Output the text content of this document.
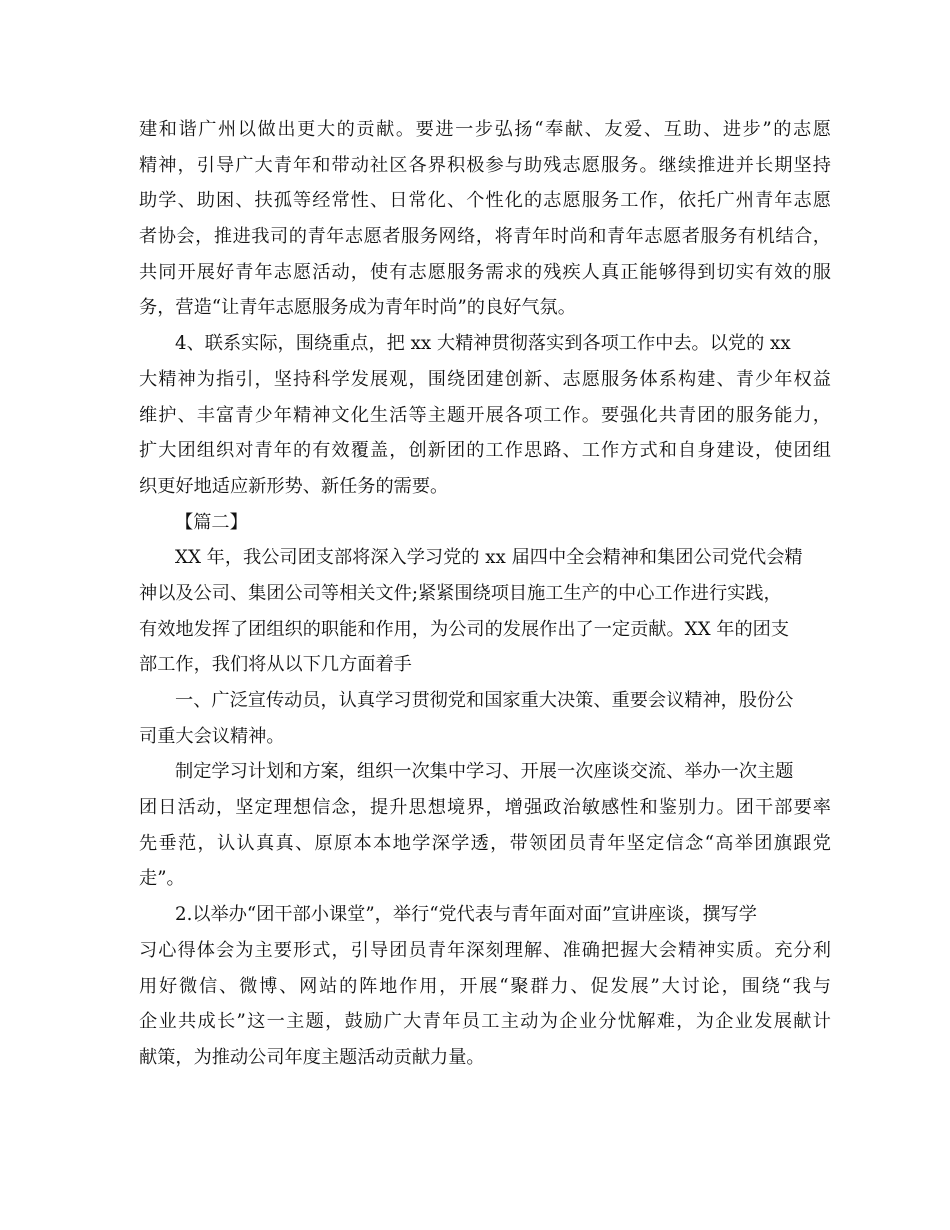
建和谐广州以做出更大的贡献。要进一步弘扬“奉献、友爱、互助、进步”的志愿
精神，引导广大青年和带动社区各界积极参与助残志愿服务。继续推进并长期坚持
助学、助困、扶孤等经常性、日常化、个性化的志愿服务工作，依托广州青年志愿
者协会，推进我司的青年志愿者服务网络，将青年时尚和青年志愿者服务有机结合，
共同开展好青年志愿活动，使有志愿服务需求的残疾人真正能够得到切实有效的服
务，营造“让青年志愿服务成为青年时尚”的良好气氛。
4、联系实际，围绕重点，把 xx 大精神贯彻落实到各项工作中去。以党的 xx
大精神为指引，坚持科学发展观，围绕团建创新、志愿服务体系构建、青少年权益
维护、丰富青少年精神文化生活等主题开展各项工作。要强化共青团的服务能力，
扩大团组织对青年的有效覆盖，创新团的工作思路、工作方式和自身建设，使团组
织更好地适应新形势、新任务的需要。
【篇二】
XX 年，我公司团支部将深入学习党的 xx 届四中全会精神和集团公司党代会精
神以及公司、集团公司等相关文件;紧紧围绕项目施工生产的中心工作进行实践，
有效地发挥了团组织的职能和作用，为公司的发展作出了一定贡献。XX 年的团支
部工作，我们将从以下几方面着手
一、广泛宣传动员，认真学习贯彻党和国家重大决策、重要会议精神，股份公
司重大会议精神。
制定学习计划和方案，组织一次集中学习、开展一次座谈交流、举办一次主题
团日活动，坚定理想信念，提升思想境界，增强政治敏感性和鉴别力。团干部要率
先垂范，认认真真、原原本本地学深学透，带领团员青年坚定信念“高举团旗跟党
走”。
2.以举办“团干部小课堂”，举行“党代表与青年面对面”宣讲座谈，撰写学
习心得体会为主要形式，引导团员青年深刻理解、准确把握大会精神实质。充分利
用好微信、微博、网站的阵地作用，开展“聚群力、促发展”大讨论，围绕“我与
企业共成长”这一主题，鼓励广大青年员工主动为企业分忧解难，为企业发展献计
献策，为推动公司年度主题活动贡献力量。
